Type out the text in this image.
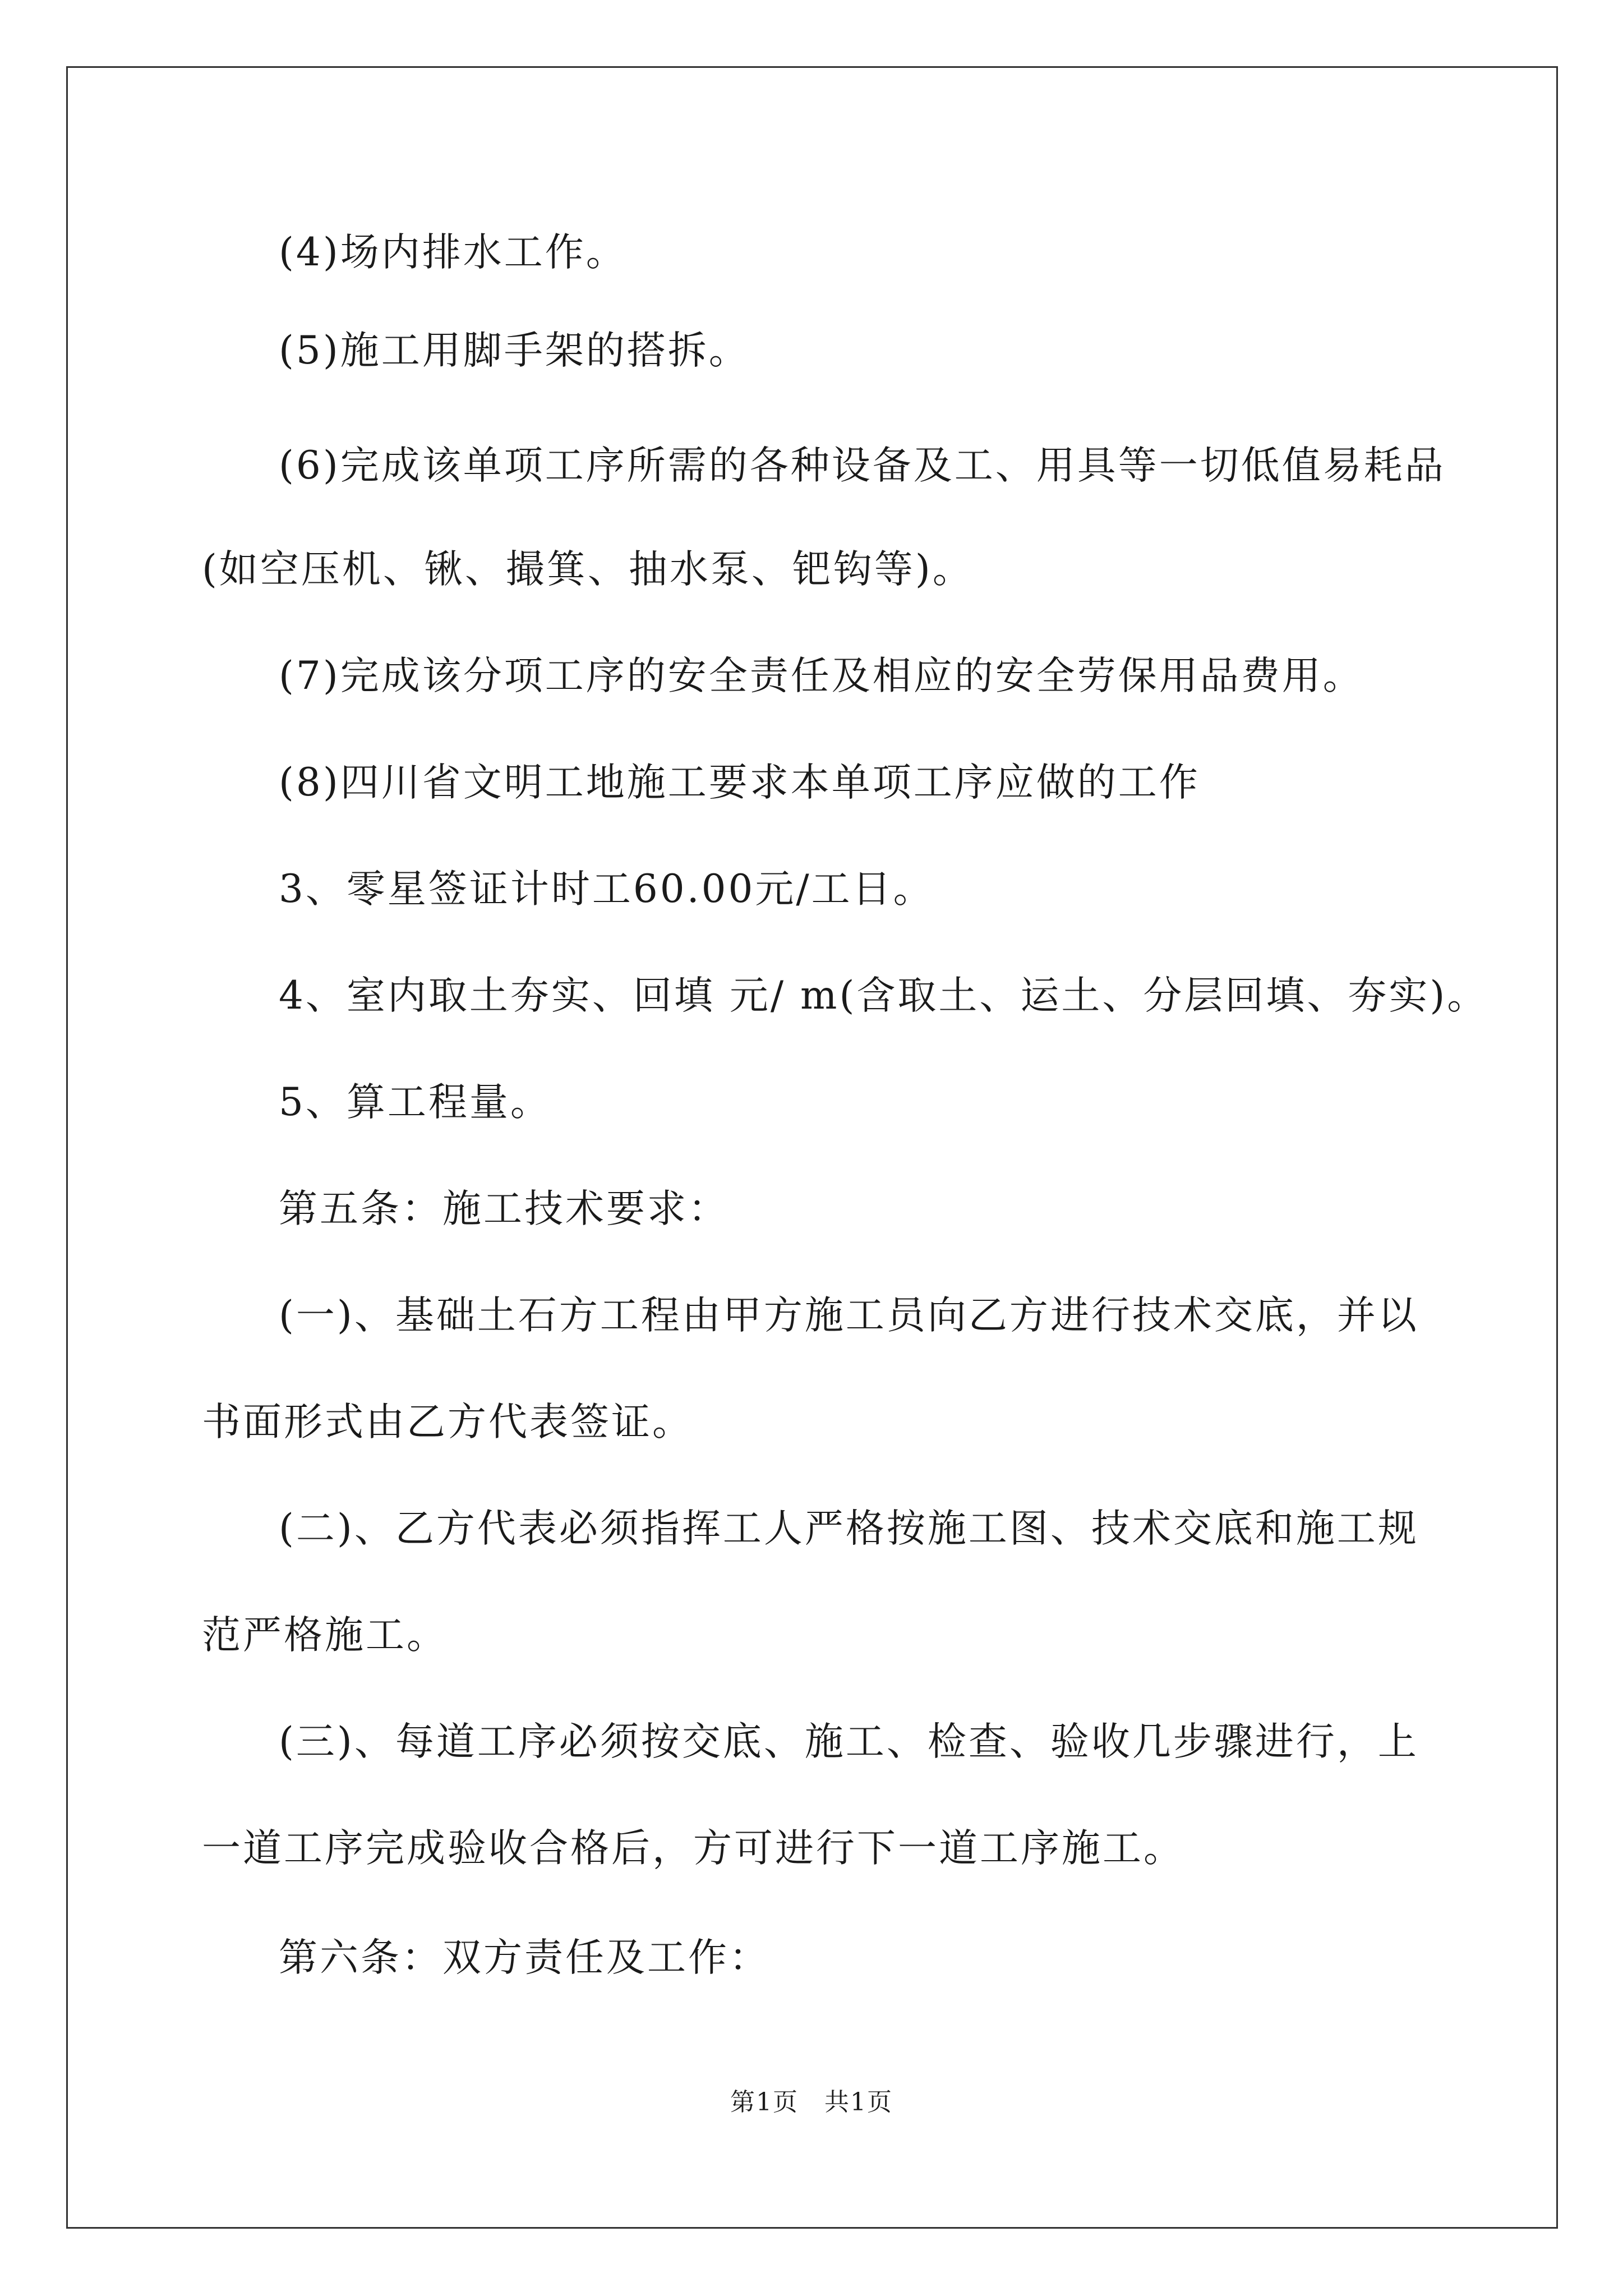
(4)场内排水工作。
(5)施工用脚手架的搭拆。
(6)完成该单项工序所需的各种设备及工、用具等一切低值易耗品
(如空压机、锹、撮箕、抽水泵、钯钩等)。
(7)完成该分项工序的安全责任及相应的安全劳保用品费用。
(8)四川省文明工地施工要求本单项工序应做的工作
3、零星签证计时工60.00元/工日。
4、室内取土夯实、回填 元/ m(含取土、运土、分层回填、夯实)。
5、算工程量。
第五条：施工技术要求：
(一)、基础土石方工程由甲方施工员向乙方进行技术交底，并以
书面形式由乙方代表签证。
(二)、乙方代表必须指挥工人严格按施工图、技术交底和施工规
范严格施工。
(三)、每道工序必须按交底、施工、检查、验收几步骤进行，上
一道工序完成验收合格后，方可进行下一道工序施工。
第六条：双方责任及工作：
第1页　共1页
